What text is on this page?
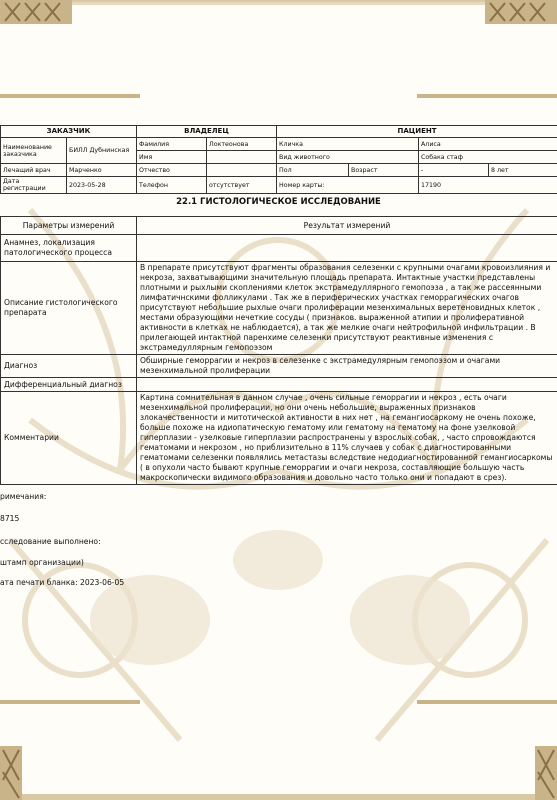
ЗАКАЗЧИК		ВЛАДЕЛЕЦ		ПАЦИЕНТ			
Наименование заказчика	БИЛЛ Дубнинская	Фамилия	Локтеонова	Кличка		Алиса	
		Имя		Вид животного		Собака стаф	
Лечащий врач	Марченко	Отчество		Пол	Возраст	-	8 лет
Дата регистрации	2023-05-28	Телефон	отсутствует	Номер карты:		17190	
22.1 ГИСТОЛОГИЧЕСКОЕ ИССЛЕДОВАНИЕ
Параметры измерений	Результат измерений
Анамнез, локализация патологического процесса	
Описание гистологического препарата	В препарате присутствуют фрагменты образования селезенки с крупными очагами кровоизлияния и некроза, захватывающими значительную площадь препарата. Интактные участки представлены плотными и рыхлыми скоплениями клеток экстрамедуллярного гемопоэза , а так же рассеянными лимфатичнскими фолликулами . Так же в периферических участках геморрагических очагов присутствуют небольшие рыхлые очаги пролиферации мезенхимальных веретеновидных клеток , местами образующими нечеткие сосуды ( признаков. выраженной атипии и пролиферативной активности в клетках не наблюдается), а так же мелкие очаги нейтрофильной инфильтрации . В прилегающей интактной паренхиме селезенки присутствуют реактивные изменения с экстрамедуллярным гемопоэзом
Диагноз	Обширные геморрагии и некроз в селезенке с экстрамедулярным гемопоэзом и очагами мезенхимальной пролиферации
Дифференциальный диагноз	
Комментарии	Картина сомнительная в данном случае , очень сильные геморрагии и некроз , есть очаги мезенхимальной пролиферации, но они очень небольшие, выраженных признаков злокачественности и митотической активности в них нет , на гемангиосаркому не очень похоже, больше похоже на идиопатическую гематому или гематому на гематому на фоне узелковой гиперплазии - узелковые гиперплазии распространены у взрослых собак, , часто спровождаются гематомами и некрозом , но приблизительно в 11% случаев у собак с диагностированными гематомами селезенки появлялись метастазы вследствие недодиагностированной гемангиосаркомы ( в опухоли часто бывают крупные геморрагии и очаги некроза, составляющие большую часть макроскопически видимого образования и довольно часто только они и попадают в срез).
римечания:
8715
сследование выполнено:
штамп организации)
ата печати бланка: 2023-06-05
